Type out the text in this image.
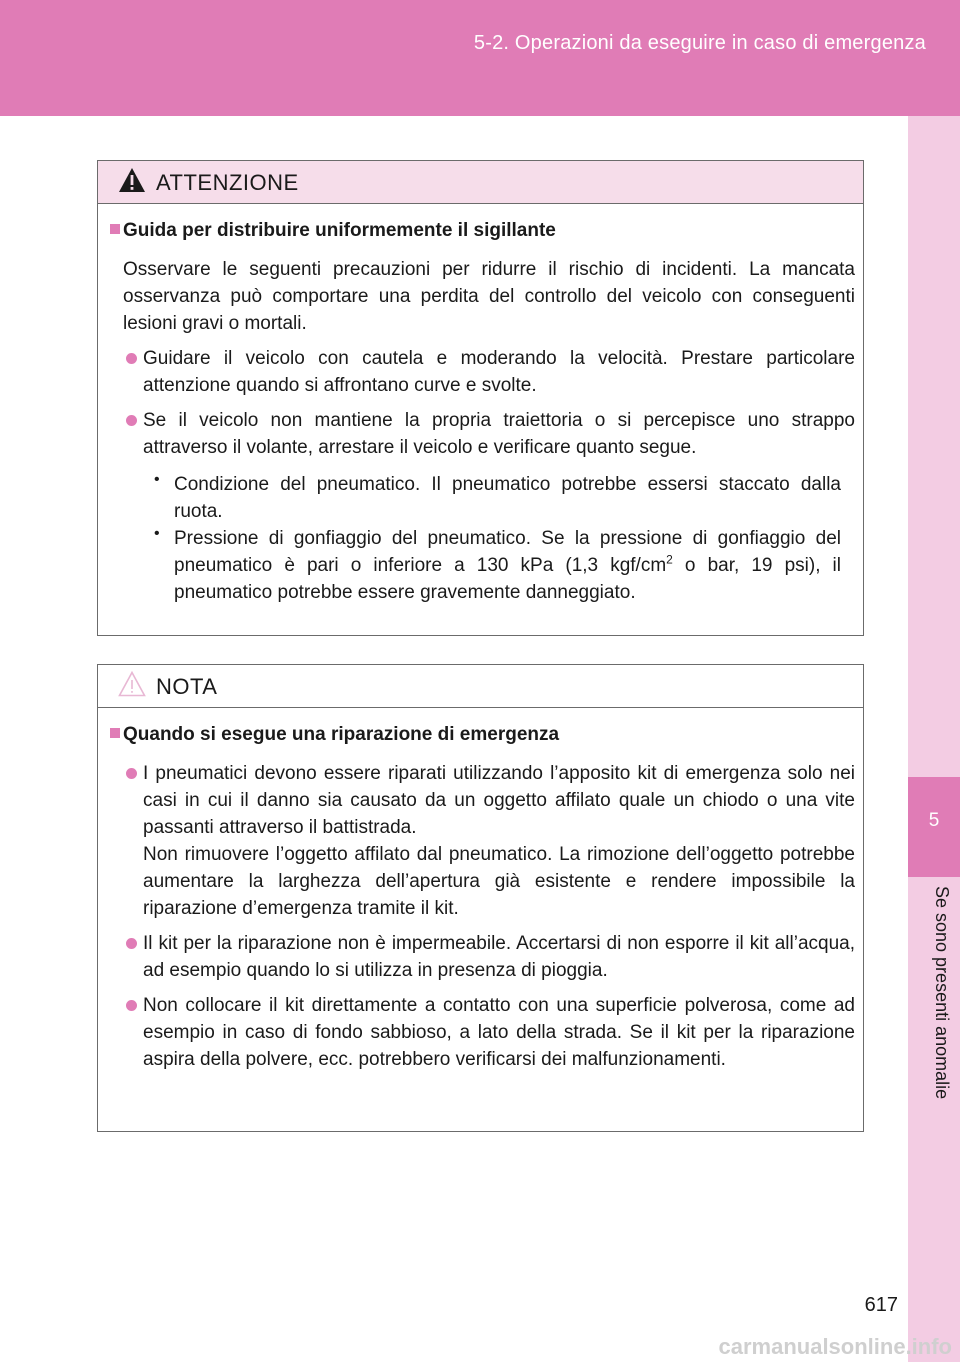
5-2. Operazioni da eseguire in caso di emergenza
5
Se sono presenti anomalie
ATTENZIONE
Guida per distribuire uniformemente il sigillante

Osservare le seguenti precauzioni per ridurre il rischio di incidenti. La mancata osservanza può comportare una perdita del controllo del veicolo con conseguenti lesioni gravi o mortali.

Guidare il veicolo con cautela e moderando la velocità. Prestare particolare attenzione quando si affrontano curve e svolte.

Se il veicolo non mantiene la propria traiettoria o si percepisce uno strappo attraverso il volante, arrestare il veicolo e verificare quanto segue.

• Condizione del pneumatico. Il pneumatico potrebbe essersi staccato dalla ruota.

• Pressione di gonfiaggio del pneumatico. Se la pressione di gonfiaggio del pneumatico è pari o inferiore a 130 kPa (1,3 kgf/$cm^2$ o bar, 19 psi), il pneumatico potrebbe essere gravemente danneggiato.

NOTA
Quando si esegue una riparazione di emergenza

I pneumatici devono essere riparati utilizzando l’apposito kit di emergenza solo nei casi in cui il danno sia causato da un oggetto affilato quale un chiodo o una vite passanti attraverso il battistrada.

Non rimuovere l’oggetto affilato dal pneumatico. La rimozione dell’oggetto potrebbe aumentare la larghezza dell’apertura già esistente e rendere impossibile la riparazione d’emergenza tramite il kit.

Il kit per la riparazione non è impermeabile. Accertarsi di non esporre il kit all’acqua, ad esempio quando lo si utilizza in presenza di pioggia.

Non collocare il kit direttamente a contatto con una superficie polverosa, come ad esempio in caso di fondo sabbioso, a lato della strada. Se il kit per la riparazione aspira della polvere, ecc. potrebbero verificarsi dei malfunzionamenti.

617
carmanualsonline.info
